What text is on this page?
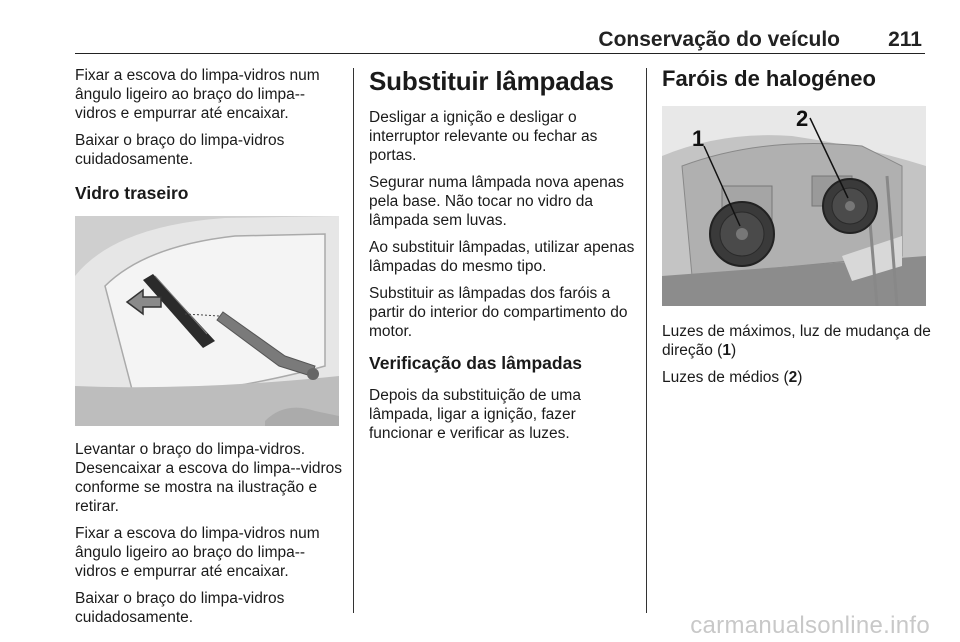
Conservação do veículo 211

Fixar a escova do limpa-vidros num ângulo ligeiro ao braço do limpa--vidros e empurrar até encaixar.

Baixar o braço do limpa-vidros cuidadosamente.

Vidro traseiro

Levantar o braço do limpa-vidros. Desencaixar a escova do limpa--vidros conforme se mostra na ilustração e retirar.

Fixar a escova do limpa-vidros num ângulo ligeiro ao braço do limpa--vidros e empurrar até encaixar.

Baixar o braço do limpa-vidros cuidadosamente.

Substituir lâmpadas

Desligar a ignição e desligar o interruptor relevante ou fechar as portas.

Segurar numa lâmpada nova apenas pela base. Não tocar no vidro da lâmpada sem luvas.

Ao substituir lâmpadas, utilizar apenas lâmpadas do mesmo tipo.

Substituir as lâmpadas dos faróis a partir do interior do compartimento do motor.

Verificação das lâmpadas

Depois da substituição de uma lâmpada, ligar a ignição, fazer funcionar e verificar as luzes.

Faróis de halogéneo
1
2

Luzes de máximos, luz de mudança de direção (1)

Luzes de médios (2)

carmanualsonline.info
